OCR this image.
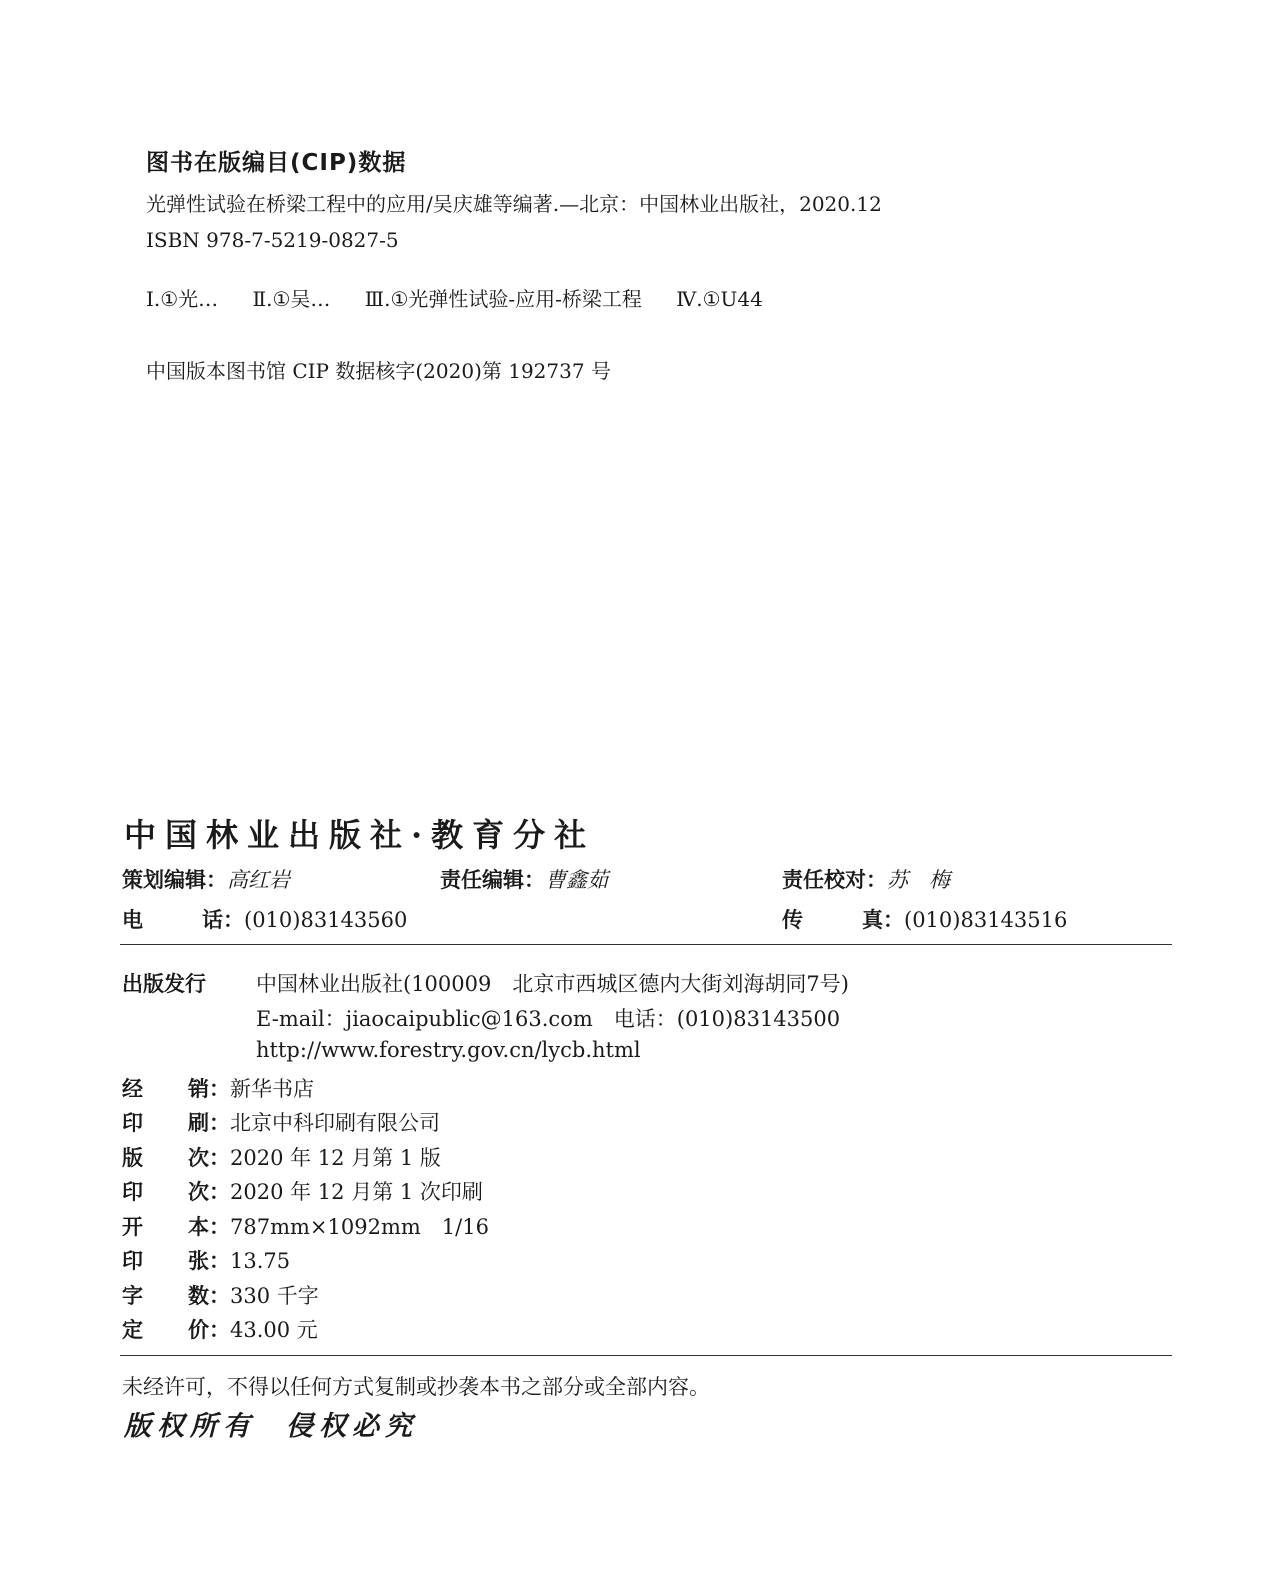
图书在版编目(CIP)数据
光弹性试验在桥梁工程中的应用/吴庆雄等编著.—北京：中国林业出版社，2020.12
ISBN 978-7-5219-0827-5
Ⅰ.①光… Ⅱ.①吴… Ⅲ.①光弹性试验-应用-桥梁工程 Ⅳ.①U44
中国版本图书馆 CIP 数据核字(2020)第 192737 号
中国林业出版社·教育分社
策划编辑：高红岩	责任编辑：曹鑫茹	责任校对：苏　梅
电	话：(010)83143560	传	真：(010)83143516
出版发行 中国林业出版社(100009　北京市西城区德内大街刘海胡同7号)
E-mail：jiaocaipublic@163.com　电话：(010)83143500
http://www.forestry.gov.cn/lycb.html
经 销：新华书店
印 刷：北京中科印刷有限公司
版 次：2020 年 12 月第 1 版
印 次：2020 年 12 月第 1 次印刷
开 本：787mm×1092mm　1/16
印 张：13.75
字 数：330 千字
定 价：43.00 元
未经许可，不得以任何方式复制或抄袭本书之部分或全部内容。
版权所有 侵权必究
